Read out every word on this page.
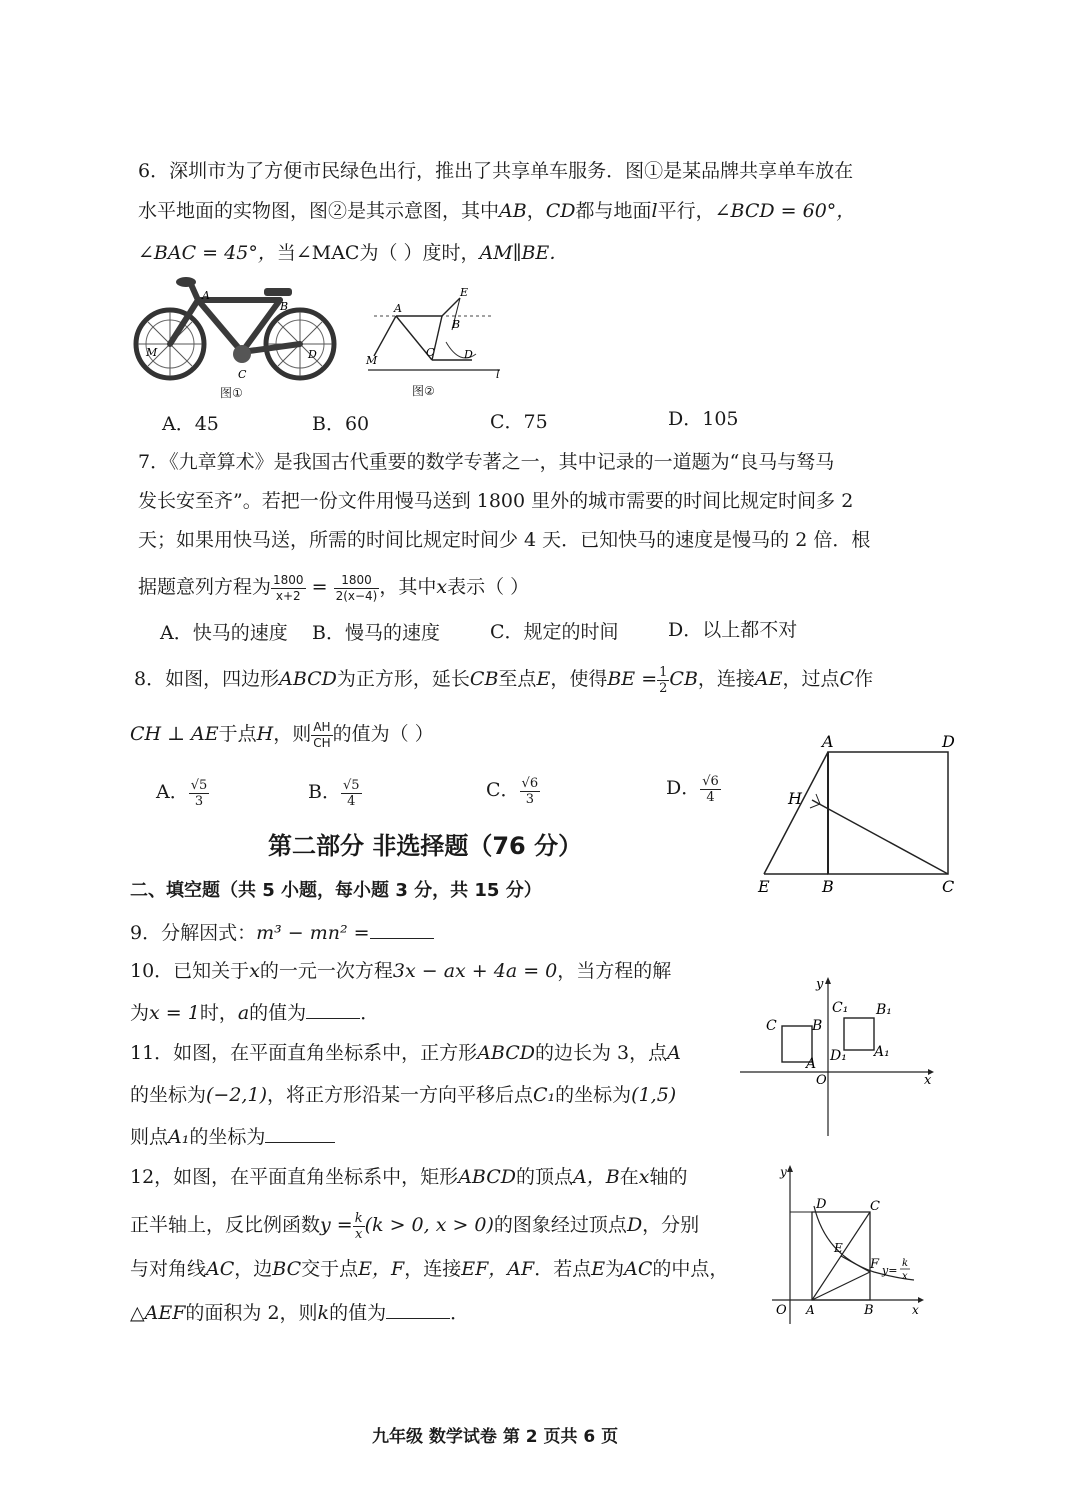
6．深圳市为了方便市民绿色出行，推出了共享单车服务．图①是某品牌共享单车放在
水平地面的实物图，图②是其示意图，其中AB，CD都与地面l平行，∠BCD = 60°，
∠BAC = 45°，当∠MAC为（ ）度时，AM∥BE．
A
B
M
C
D
图①
A
E
B
M
C	D
l
图②
A．45	B．60	C．75	D．105
7．《九章算术》是我国古代重要的数学专著之一，其中记录的一道题为“良马与驽马
发长安至齐”。若把一份文件用慢马送到 1800 里外的城市需要的时间比规定时间多 2
天；如果用快马送，所需的时间比规定时间少 4 天．已知快马的速度是慢马的 2 倍．根
据题意列方程为 $\frac{1800}{x+2} = \frac{1800}{2(x-4)}$ ，其中x表示（ ）
A．快马的速度 B．慢马的速度	C．规定的时间	D．以上都不对
8．如图，四边形ABCD为正方形，延长CB至点E，使得BE = $\frac{1}{2}$ CB，连接AE，过点C作
CH ⊥ AE于点H，则 $\frac{AH}{CH}$ 的值为（ ）
A． $\frac{√5}{3}$	B． $\frac{√5}{4}$	C． $\frac{√6}{3}$	D． $\frac{√6}{4}$
A	D
H
E	B	C
第二部分 非选择题（76 分）
二、填空题（共 5 小题，每小题 3 分，共 15 分）
9．分解因式：m³ − mn² =
10．已知关于x的一元一次方程3x − ax + 4a = 0，当方程的解
为x = 1时，a的值为	．
11．如图，在平面直角坐标系中，正方形ABCD的边长为 3，点A
的坐标为(−2,1)，将正方形沿某一方向平移后点C₁的坐标为(1,5)
则点A₁的坐标为
y
C	B
C₁ B₁
D₁ A₁
A
O	x
12，如图，在平面直角坐标系中，矩形ABCD的顶点A，B在x轴的
正半轴上，反比例函数$y = \frac{k}{x} (k > 0$, x > 0)的图象经过顶点D，分别
与对角线AC，边BC交于点E，F，连接EF，AF．若点E为AC的中点，
△AEF的面积为 2，则k的值为	．
y
D	C
F
O A	B	x
E
y=
k
x
九年级 数学试卷 第 2 页共 6 页
